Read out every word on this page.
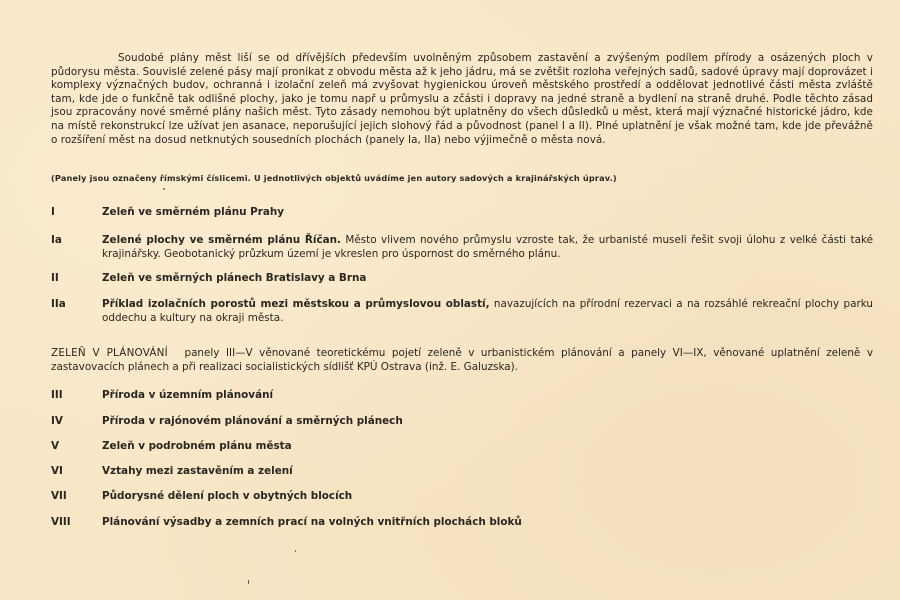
Soudobé plány měst liší se od dřívějších především uvolněným způsobem zastavění a zvýšeným podílem přírody a osázených ploch v půdorysu města. Souvislé zelené pásy mají pronikat z obvodu města až k jeho jádru, má se zvětšit rozloha veřejných sadů, sadové úpravy mají doprovázet i komplexy význačných budov, ochranná i izolační zeleň má zvyšovat hygienickou úroveň městského prostředí a oddělovat jednotlivé části města zvláště tam, kde jde o funkčně tak odlišné plochy, jako je tomu např u průmyslu a zčásti i dopravy na jedné straně a bydlení na straně druhé. Podle těchto zásad jsou zpracovány nové směrné plány našich měst. Tyto zásady nemohou být uplatněny do všech důsledků u měst, která mají význačné historické jádro, kde na místě rekonstrukcí lze užívat jen asanace, neporušující jejich slohový řád a původnost (panel I a II). Plné uplatnění je však možné tam, kde jde převážně o rozšíření měst na dosud netknutých sousedních plochách (panely Ia, IIa) nebo výjimečně o města nová.

(Panely jsou označeny římskými číslicemi. U jednotlivých objektů uvádíme jen autory sadových a krajinářských úprav.)
I	Zeleň ve směrném plánu Prahy
Ia	Zelené plochy ve směrném plánu Říčan. Město vlivem nového průmyslu vzroste tak, že urbanisté museli řešit svoji úlohu z velké části také krajinářsky. Geobotanický průzkum území je vkreslen pro úspornost do směrného plánu.
II	Zeleň ve směrných plánech Bratislavy a Brna
IIa	Příklad izolačních porostů mezi městskou a průmyslovou oblastí, navazujících na přírodní rezervaci a na rozsáhlé rekreační plochy parku oddechu a kultury na okraji města.
ZELEŇ V PLÁNOVÁNÍ panely III—V věnované teoretickému pojetí zeleně v urbanistickém plánování a panely VI—IX, věnované uplatnění zeleně v zastavovacích plánech a při realizaci socialistických sídlišť KPÚ Ostrava (inž. E. Galuzska).
III	Příroda v územním plánování
IV	Příroda v rajónovém plánování a směrných plánech
V	Zeleň v podrobném plánu města
VI	Vztahy mezi zastavěním a zelení
VII	Půdorysné dělení ploch v obytných blocích
VIII	Plánování výsadby a zemních prací na volných vnitřních plochách bloků
